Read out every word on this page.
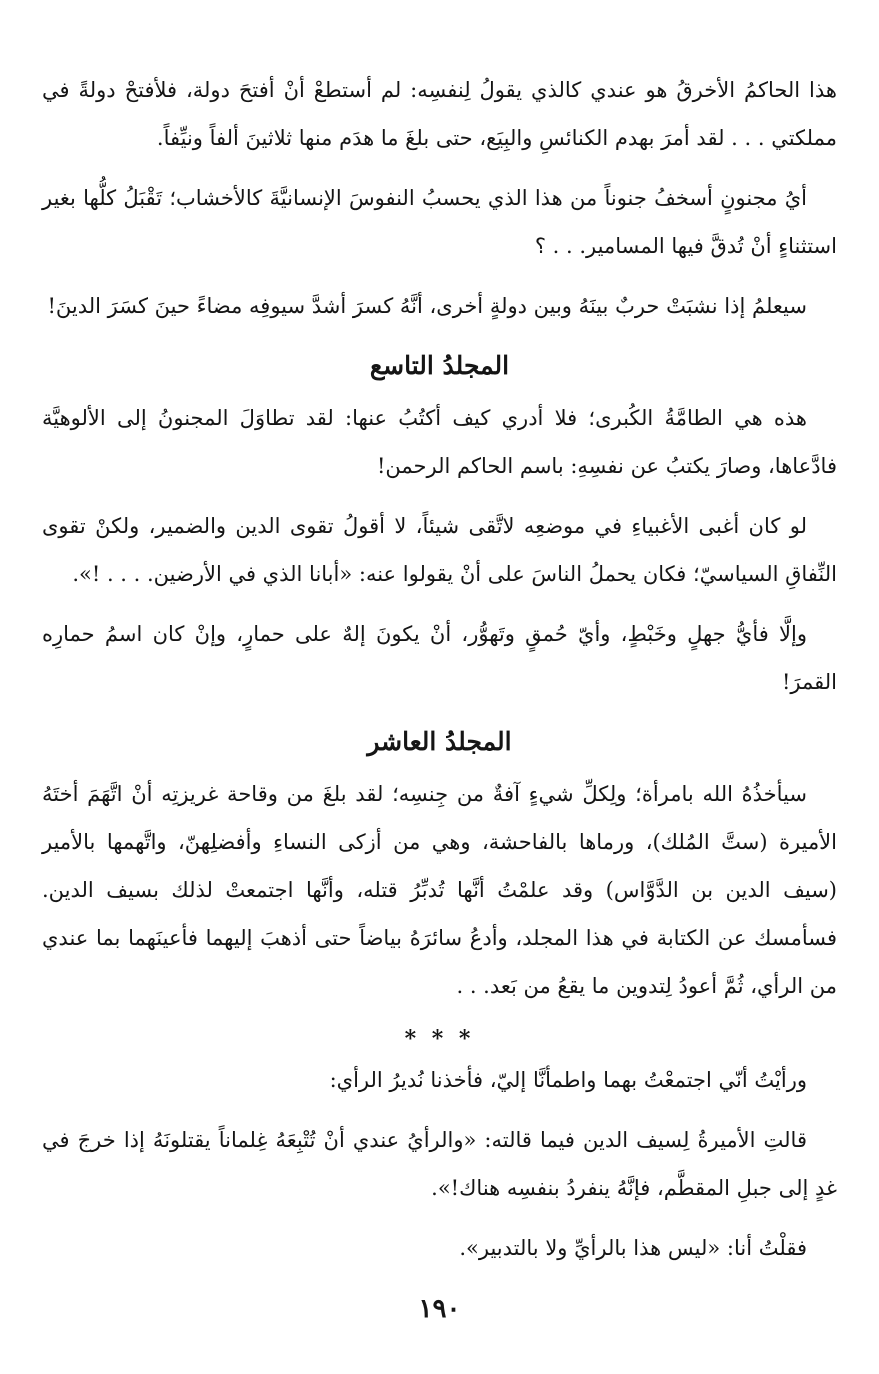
هذا الحاكمُ الأخرقُ هو عندي كالذي يقولُ لِنفسِه: لم أستطعْ أنْ أفتحَ دولة، فلأفتحْ دولةً في مملكتي . . . لقد أمرَ بهدم الكنائسِ والبِيَع، حتى بلغَ ما هدَم منها ثلاثينَ ألفاً ونيِّفاً.

أيُ مجنونٍ أسخفُ جنوناً من هذا الذي يحسبُ النفوسَ الإنسانيَّةَ كالأخشاب؛ تَقْبَلُ كلُّها بغير استثناءٍ أنْ تُدقَّ فيها المسامير. . . ؟

سيعلمُ إذا نشبَتْ حربٌ بينَهُ وبين دولةٍ أخرى، أنَّهُ كسرَ أشدَّ سيوفِه مضاءً حينَ كسَرَ الدينَ!

المجلدُ التاسع

هذه هي الطامَّةُ الكُبرى؛ فلا أدري كيف أكتُبُ عنها: لقد تطاوَلَ المجنونُ إلى الألوهيَّة فادَّعاها، وصارَ يكتبُ عن نفسِهِ: باسم الحاكم الرحمن!

لو كان أغبى الأغبياءِ في موضعِه لاتَّقى شيئاً، لا أقولُ تقوى الدين والضمير، ولكنْ تقوى النِّفاقِ السياسيّ؛ فكان يحملُ الناسَ على أنْ يقولوا عنه: «أبانا الذي في الأرضين. . . . !».

وإلَّا فأيُّ جهلٍ وخَبْطٍ، وأيّ حُمقٍ وتَهوُّر، أنْ يكونَ إلهٌ على حمارٍ، وإنْ كان اسمُ حمارِه القمرَ!

المجلدُ العاشر

سيأخذُهُ الله بامرأة؛ ولِكلِّ شيءٍ آفةٌ من جِنسِه؛ لقد بلغَ من وقاحة غريزتِه أنْ اتَّهَمَ أختَهُ الأميرة (ستَّ المُلك)، ورماها بالفاحشة، وهي من أزكى النساءِ وأفضلِهنّ، واتَّهمها بالأمير (سيف الدين بن الدَّوَّاس) وقد علمْتُ أنَّها تُدبِّرُ قتله، وأنَّها اجتمعتْ لذلك بسيف الدين. فسأمسك عن الكتابة في هذا المجلد، وأدعُ سائرَهُ بياضاً حتى أذهبَ إليهما فأعينَهما بما عندي من الرأي، ثُمَّ أعودُ لِتدوين ما يقعُ من بَعد. . .

* * *

ورأيْتُ أنّي اجتمعْتُ بهما واطمأنَّا إليّ، فأخذنا نُديرُ الرأي:

قالتِ الأميرةُ لِسيف الدين فيما قالته: «والرأيُ عندي أنْ تُتْبِعَهُ غِلماناً يقتلونَهُ إذا خرجَ في غدٍ إلى جبلِ المقطَّم، فإنَّهُ ينفردُ بنفسِه هناك!».

فقلْتُ أنا: «ليس هذا بالرأيِّ ولا بالتدبير».

١٩٠
